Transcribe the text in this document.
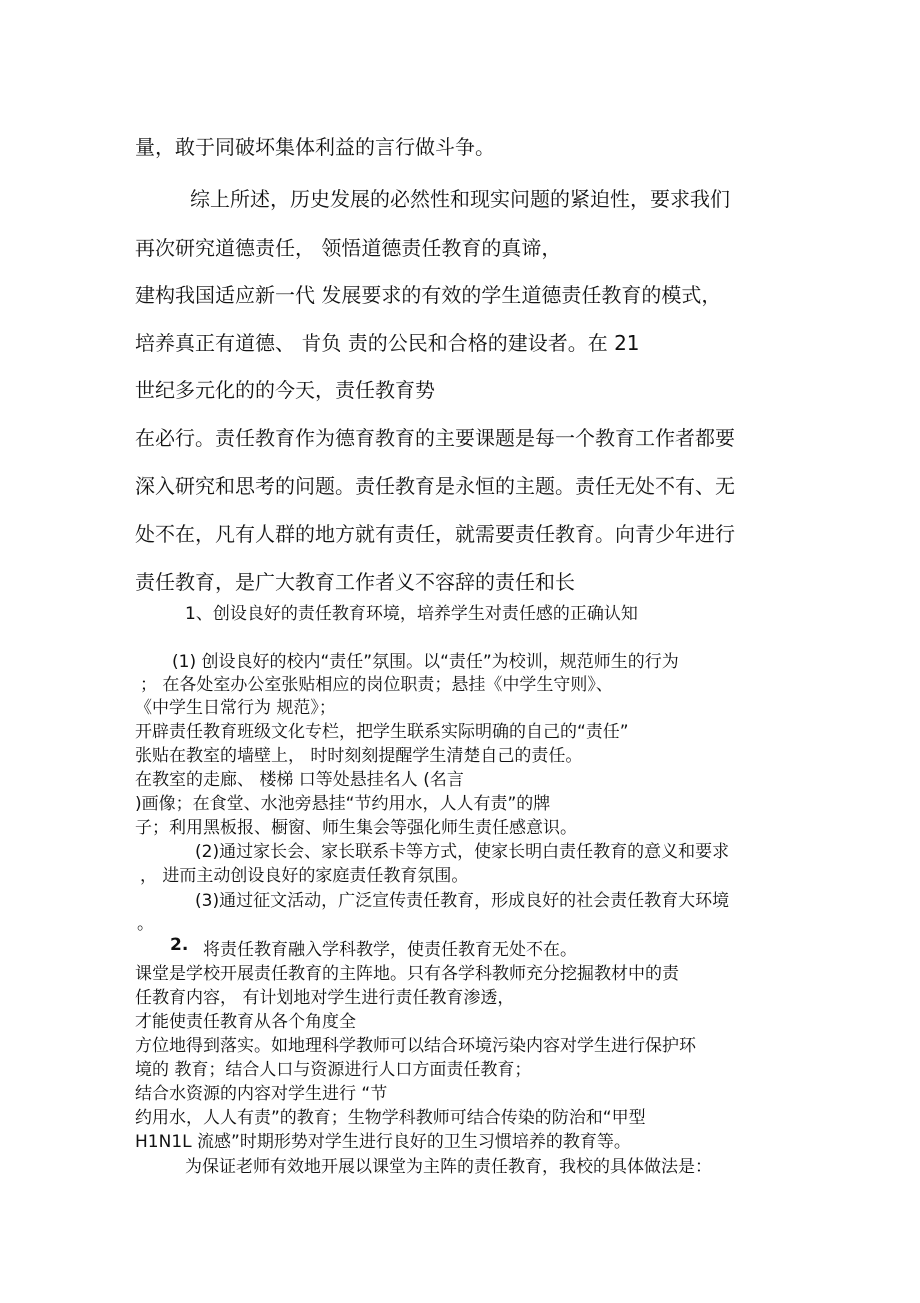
量，敢于同破坏集体利益的言行做斗争。
综上所述，历史发展的必然性和现实问题的紧迫性，要求我们
再次研究道德责任， 领悟道德责任教育的真谛，
建构我国适应新一代 发展要求的有效的学生道德责任教育的模式，
培养真正有道德、 肯负 责的公民和合格的建设者。在 21
世纪多元化的的今天，责任教育势
在必行。责任教育作为德育教育的主要课题是每一个教育工作者都要
深入研究和思考的问题。责任教育是永恒的主题。责任无处不有、无
处不在，凡有人群的地方就有责任，就需要责任教育。向青少年进行
责任教育，是广大教育工作者义不容辞的责任和长
1、创设良好的责任教育环境，培养学生对责任感的正确认知
(1) 创设良好的校内“责任”氛围。以“责任”为校训，规范师生的行为
； 在各处室办公室张贴相应的岗位职责；悬挂《中学生守则》、
《中学生日常行为 规范》；
开辟责任教育班级文化专栏，把学生联系实际明确的自己的“责任”
张贴在教室的墙壁上， 时时刻刻提醒学生清楚自己的责任。
在教室的走廊、 楼梯 口等处悬挂名人 (名言
)画像；在食堂、水池旁悬挂“节约用水，人人有责”的牌
子；利用黑板报、橱窗、师生集会等强化师生责任感意识。
(2)通过家长会、家长联系卡等方式，使家长明白责任教育的意义和要求
， 进而主动创设良好的家庭责任教育氛围。
(3)通过征文活动，广泛宣传责任教育，形成良好的社会责任教育大环境
。
2. 将责任教育融入学科教学，使责任教育无处不在。
课堂是学校开展责任教育的主阵地。只有各学科教师充分挖掘教材中的责
任教育内容， 有计划地对学生进行责任教育渗透，
才能使责任教育从各个角度全
方位地得到落实。如地理科学教师可以结合环境污染内容对学生进行保护环
境的 教育；结合人口与资源进行人口方面责任教育；
结合水资源的内容对学生进行 “节
约用水，人人有责”的教育；生物学科教师可结合传染的防治和“甲型
H1N1L 流感”时期形势对学生进行良好的卫生习惯培养的教育等。
为保证老师有效地开展以课堂为主阵的责任教育，我校的具体做法是：
